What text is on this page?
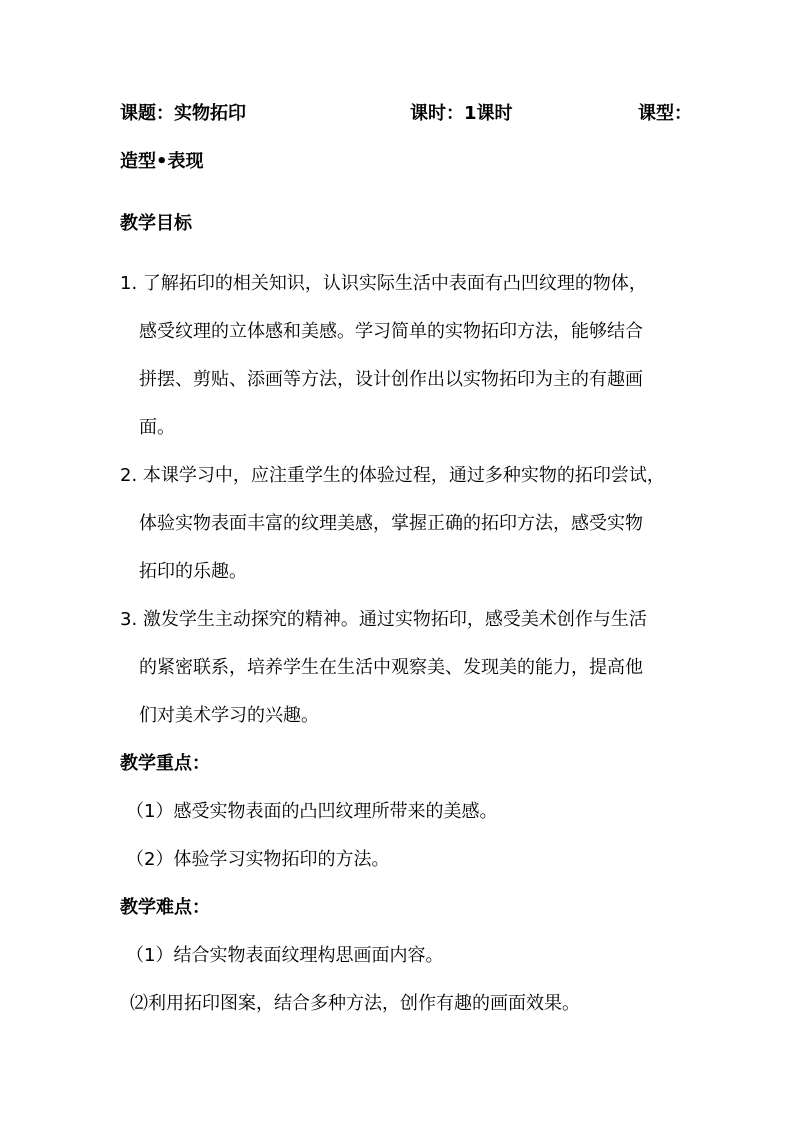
课题：实物拓印	课时：1课时	课型：
造型•表现
教学目标
1. 了解拓印的相关知识，认识实际生活中表面有凸凹纹理的物体，
感受纹理的立体感和美感。学习简单的实物拓印方法，能够结合
拼摆、剪贴、添画等方法，设计创作出以实物拓印为主的有趣画
面。
2. 本课学习中，应注重学生的体验过程，通过多种实物的拓印尝试，
体验实物表面丰富的纹理美感，掌握正确的拓印方法，感受实物
拓印的乐趣。
3. 激发学生主动探究的精神。通过实物拓印，感受美术创作与生活
的紧密联系，培养学生在生活中观察美、发现美的能力，提高他
们对美术学习的兴趣。
教学重点：
（1）感受实物表面的凸凹纹理所带来的美感。
（2）体验学习实物拓印的方法。
教学难点：
（1）结合实物表面纹理构思画面内容。
⑵利用拓印图案，结合多种方法，创作有趣的画面效果。
